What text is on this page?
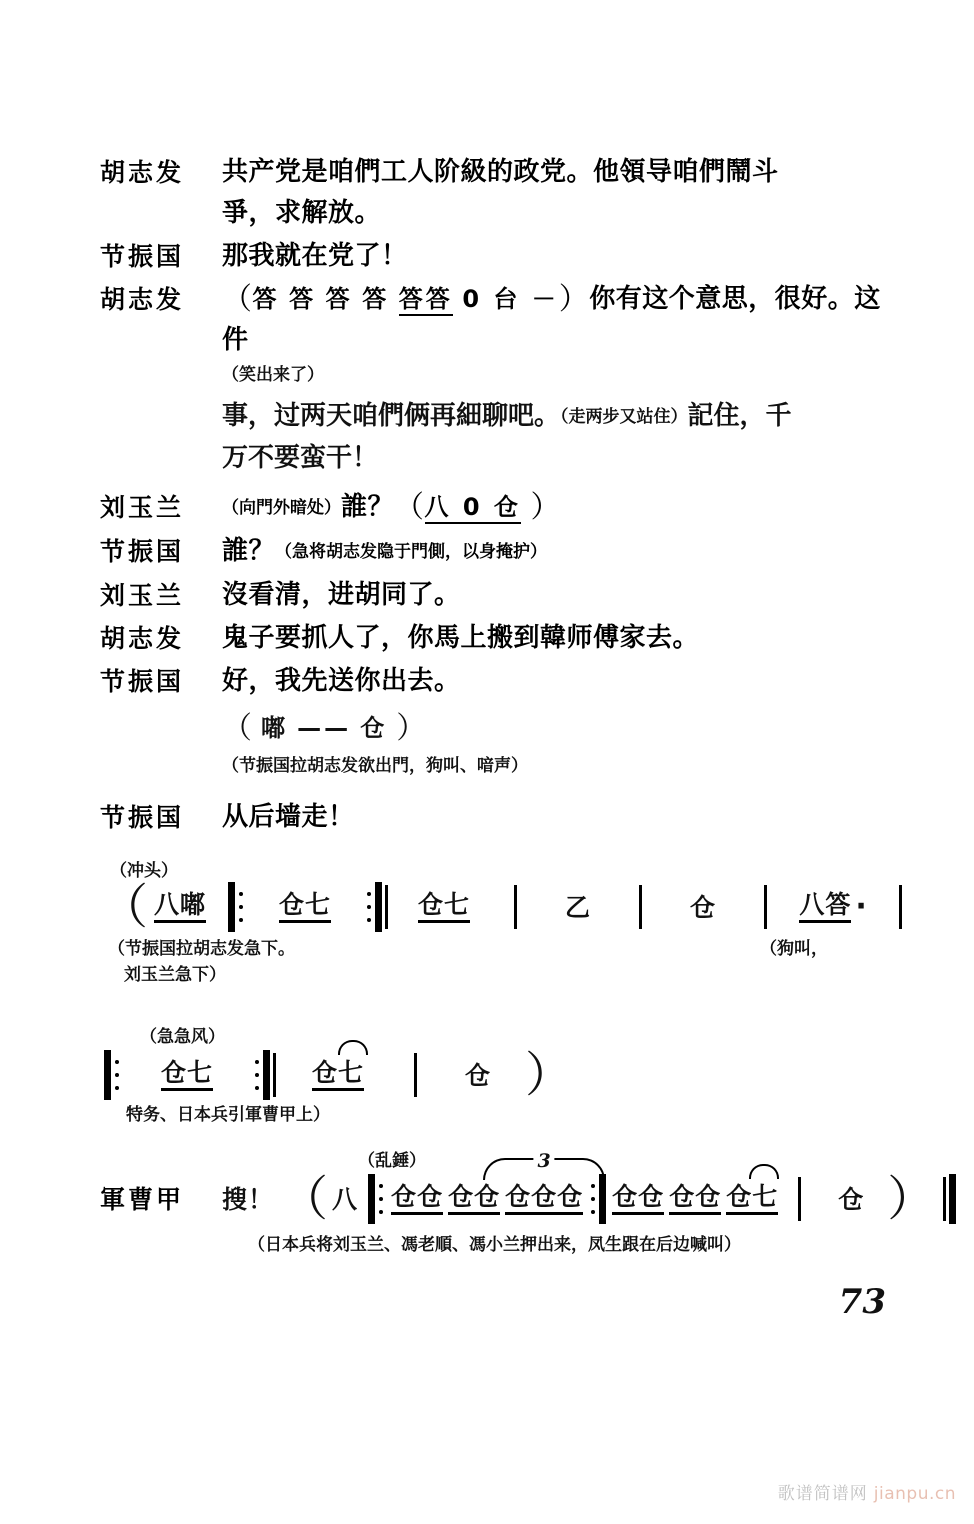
胡志发	共产党是咱們工人阶級的政党。他領导咱們鬧斗
爭，求解放。
节振国	那我就在党了！
胡志发	（答 答 答 答 答答 0 台 －）你有这个意思，很好。这件
（笑出来了）
事，过两天咱們俩再細聊吧。（走两步又站住）記住，千
万不要蛮干！
刘玉兰	（向門外暗处）誰？（八 0 仓 ）
节振国	誰？（急将胡志发隐于門側，以身掩护）
刘玉兰	沒看清，进胡同了。
胡志发	鬼子要抓人了，你馬上搬到韓师傅家去。
节振国	好，我先送你出去。
（ 嘟 —— 仓 ）
（节振国拉胡志发欲出門，狗叫、喑声）
节振国	从后墙走！
（冲头）
（ 八 嘟	仓 七	仓 七	乙	仓	八 答 ·
（节振国拉胡志发急下。
刘玉兰急下）
（狗叫，
（急急风）
仓 七	仓 七	仓 ）
特务、日本兵引軍曹甲上）
軍曹甲	搜！ （ 八 仓 仓 仓 仓
3
仓 仓 仓 仓 仓 仓 仓 仓 七 仓 ）
（乱錘）
（日本兵将刘玉兰、馮老順、馮小兰押出来，凤生跟在后边喊叫）
73
歌谱简谱网 jianpu.cn
